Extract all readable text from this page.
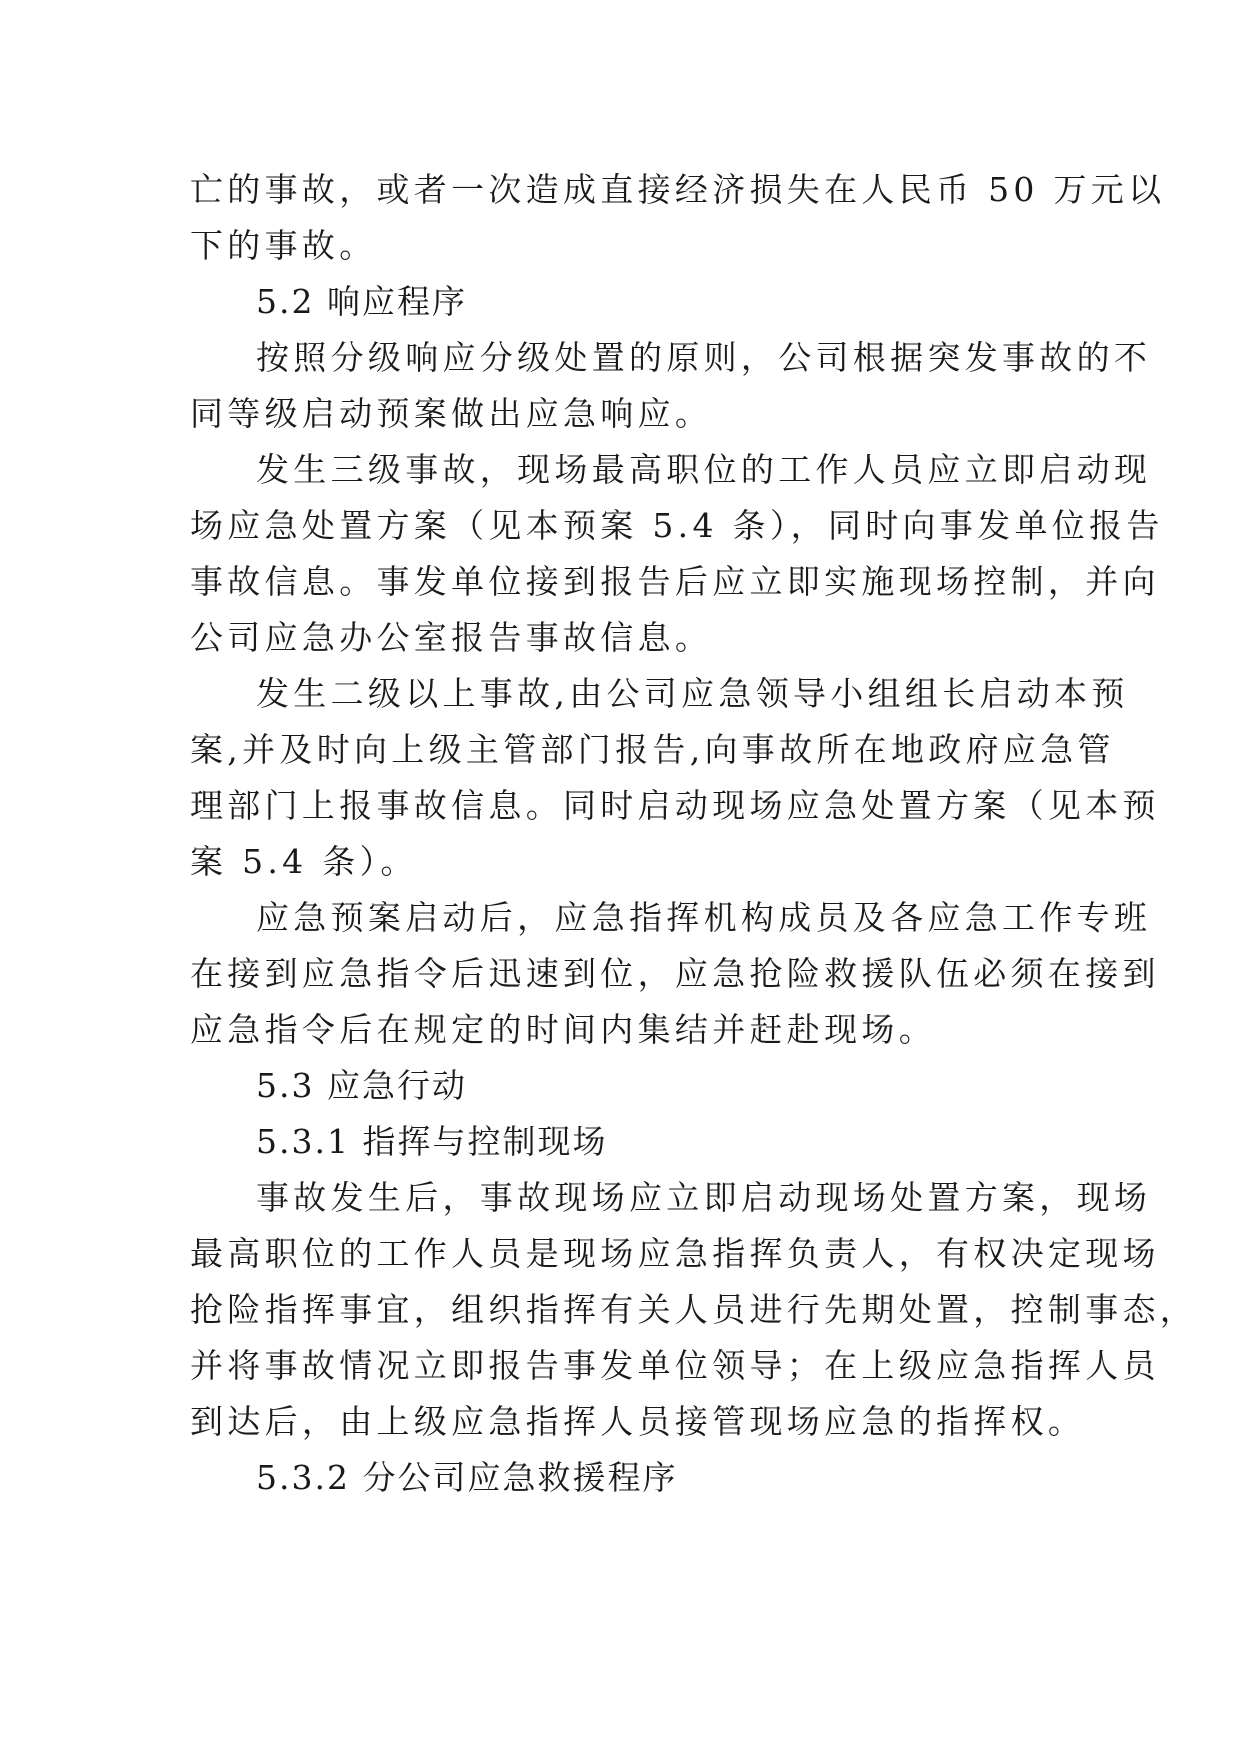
亡的事故，或者一次造成直接经济损失在人民币 50 万元以
下的事故。
5.2 响应程序
按照分级响应分级处置的原则，公司根据突发事故的不
同等级启动预案做出应急响应。
发生三级事故，现场最高职位的工作人员应立即启动现
场应急处置方案（见本预案 5.4 条），同时向事发单位报告
事故信息。事发单位接到报告后应立即实施现场控制，并向
公司应急办公室报告事故信息。
发生二级以上事故,由公司应急领导小组组长启动本预
案,并及时向上级主管部门报告,向事故所在地政府应急管
理部门上报事故信息。同时启动现场应急处置方案（见本预
案 5.4 条）。
应急预案启动后，应急指挥机构成员及各应急工作专班
在接到应急指令后迅速到位，应急抢险救援队伍必须在接到
应急指令后在规定的时间内集结并赶赴现场。
5.3 应急行动
5.3.1 指挥与控制现场
事故发生后，事故现场应立即启动现场处置方案，现场
最高职位的工作人员是现场应急指挥负责人，有权决定现场
抢险指挥事宜，组织指挥有关人员进行先期处置，控制事态，
并将事故情况立即报告事发单位领导；在上级应急指挥人员
到达后，由上级应急指挥人员接管现场应急的指挥权。
5.3.2 分公司应急救援程序
